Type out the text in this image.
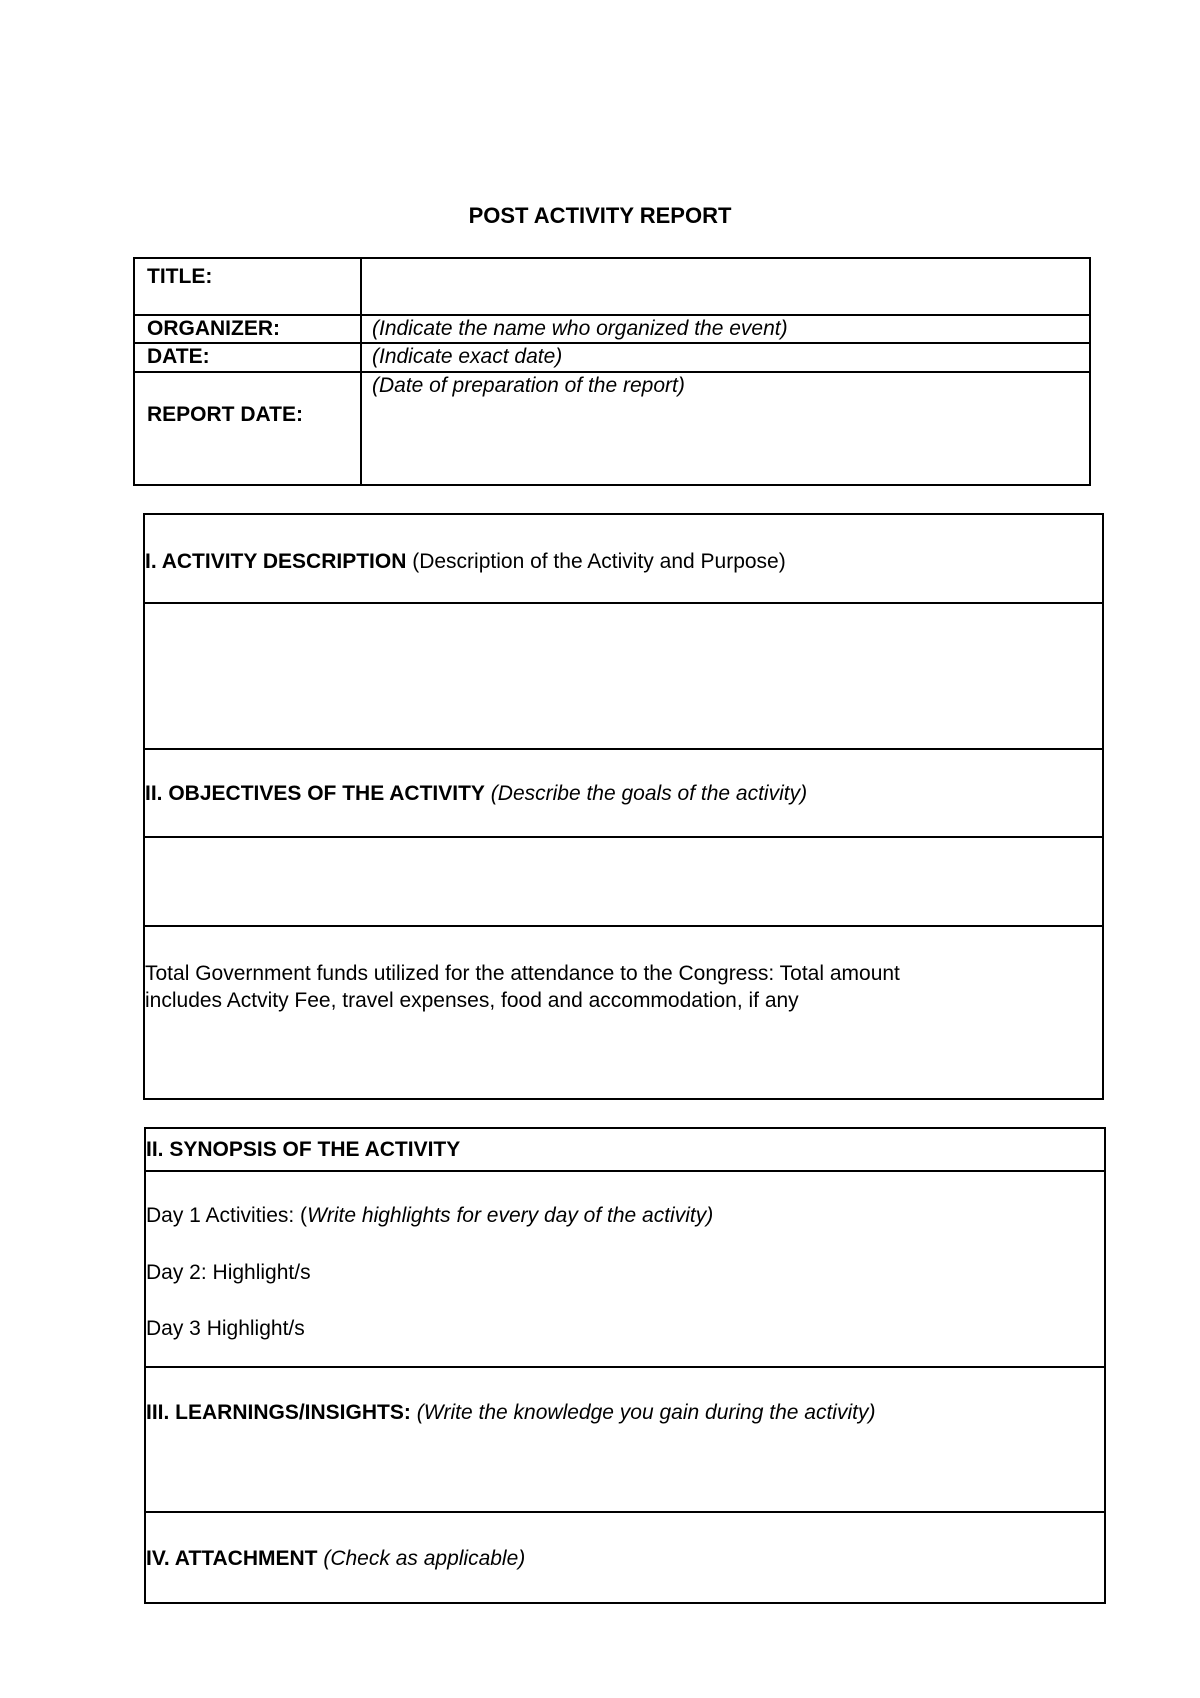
POST ACTIVITY REPORT
TITLE:
ORGANIZER:	(Indicate the name who organized the event)
DATE:	(Indicate exact date)
REPORT DATE:
(Date of preparation of the report)
I. ACTIVITY DESCRIPTION (Description of the Activity and Purpose)
II. OBJECTIVES OF THE ACTIVITY (Describe the goals of the activity)
Total Government funds utilized for the attendance to the Congress: Total amount
includes Actvity Fee, travel expenses, food and accommodation, if any
II. SYNOPSIS OF THE ACTIVITY
Day 1 Activities: (Write highlights for every day of the activity)
Day 2: Highlight/s
Day 3 Highlight/s
III. LEARNINGS/INSIGHTS: (Write the knowledge you gain during the activity)
IV. ATTACHMENT (Check as applicable)
